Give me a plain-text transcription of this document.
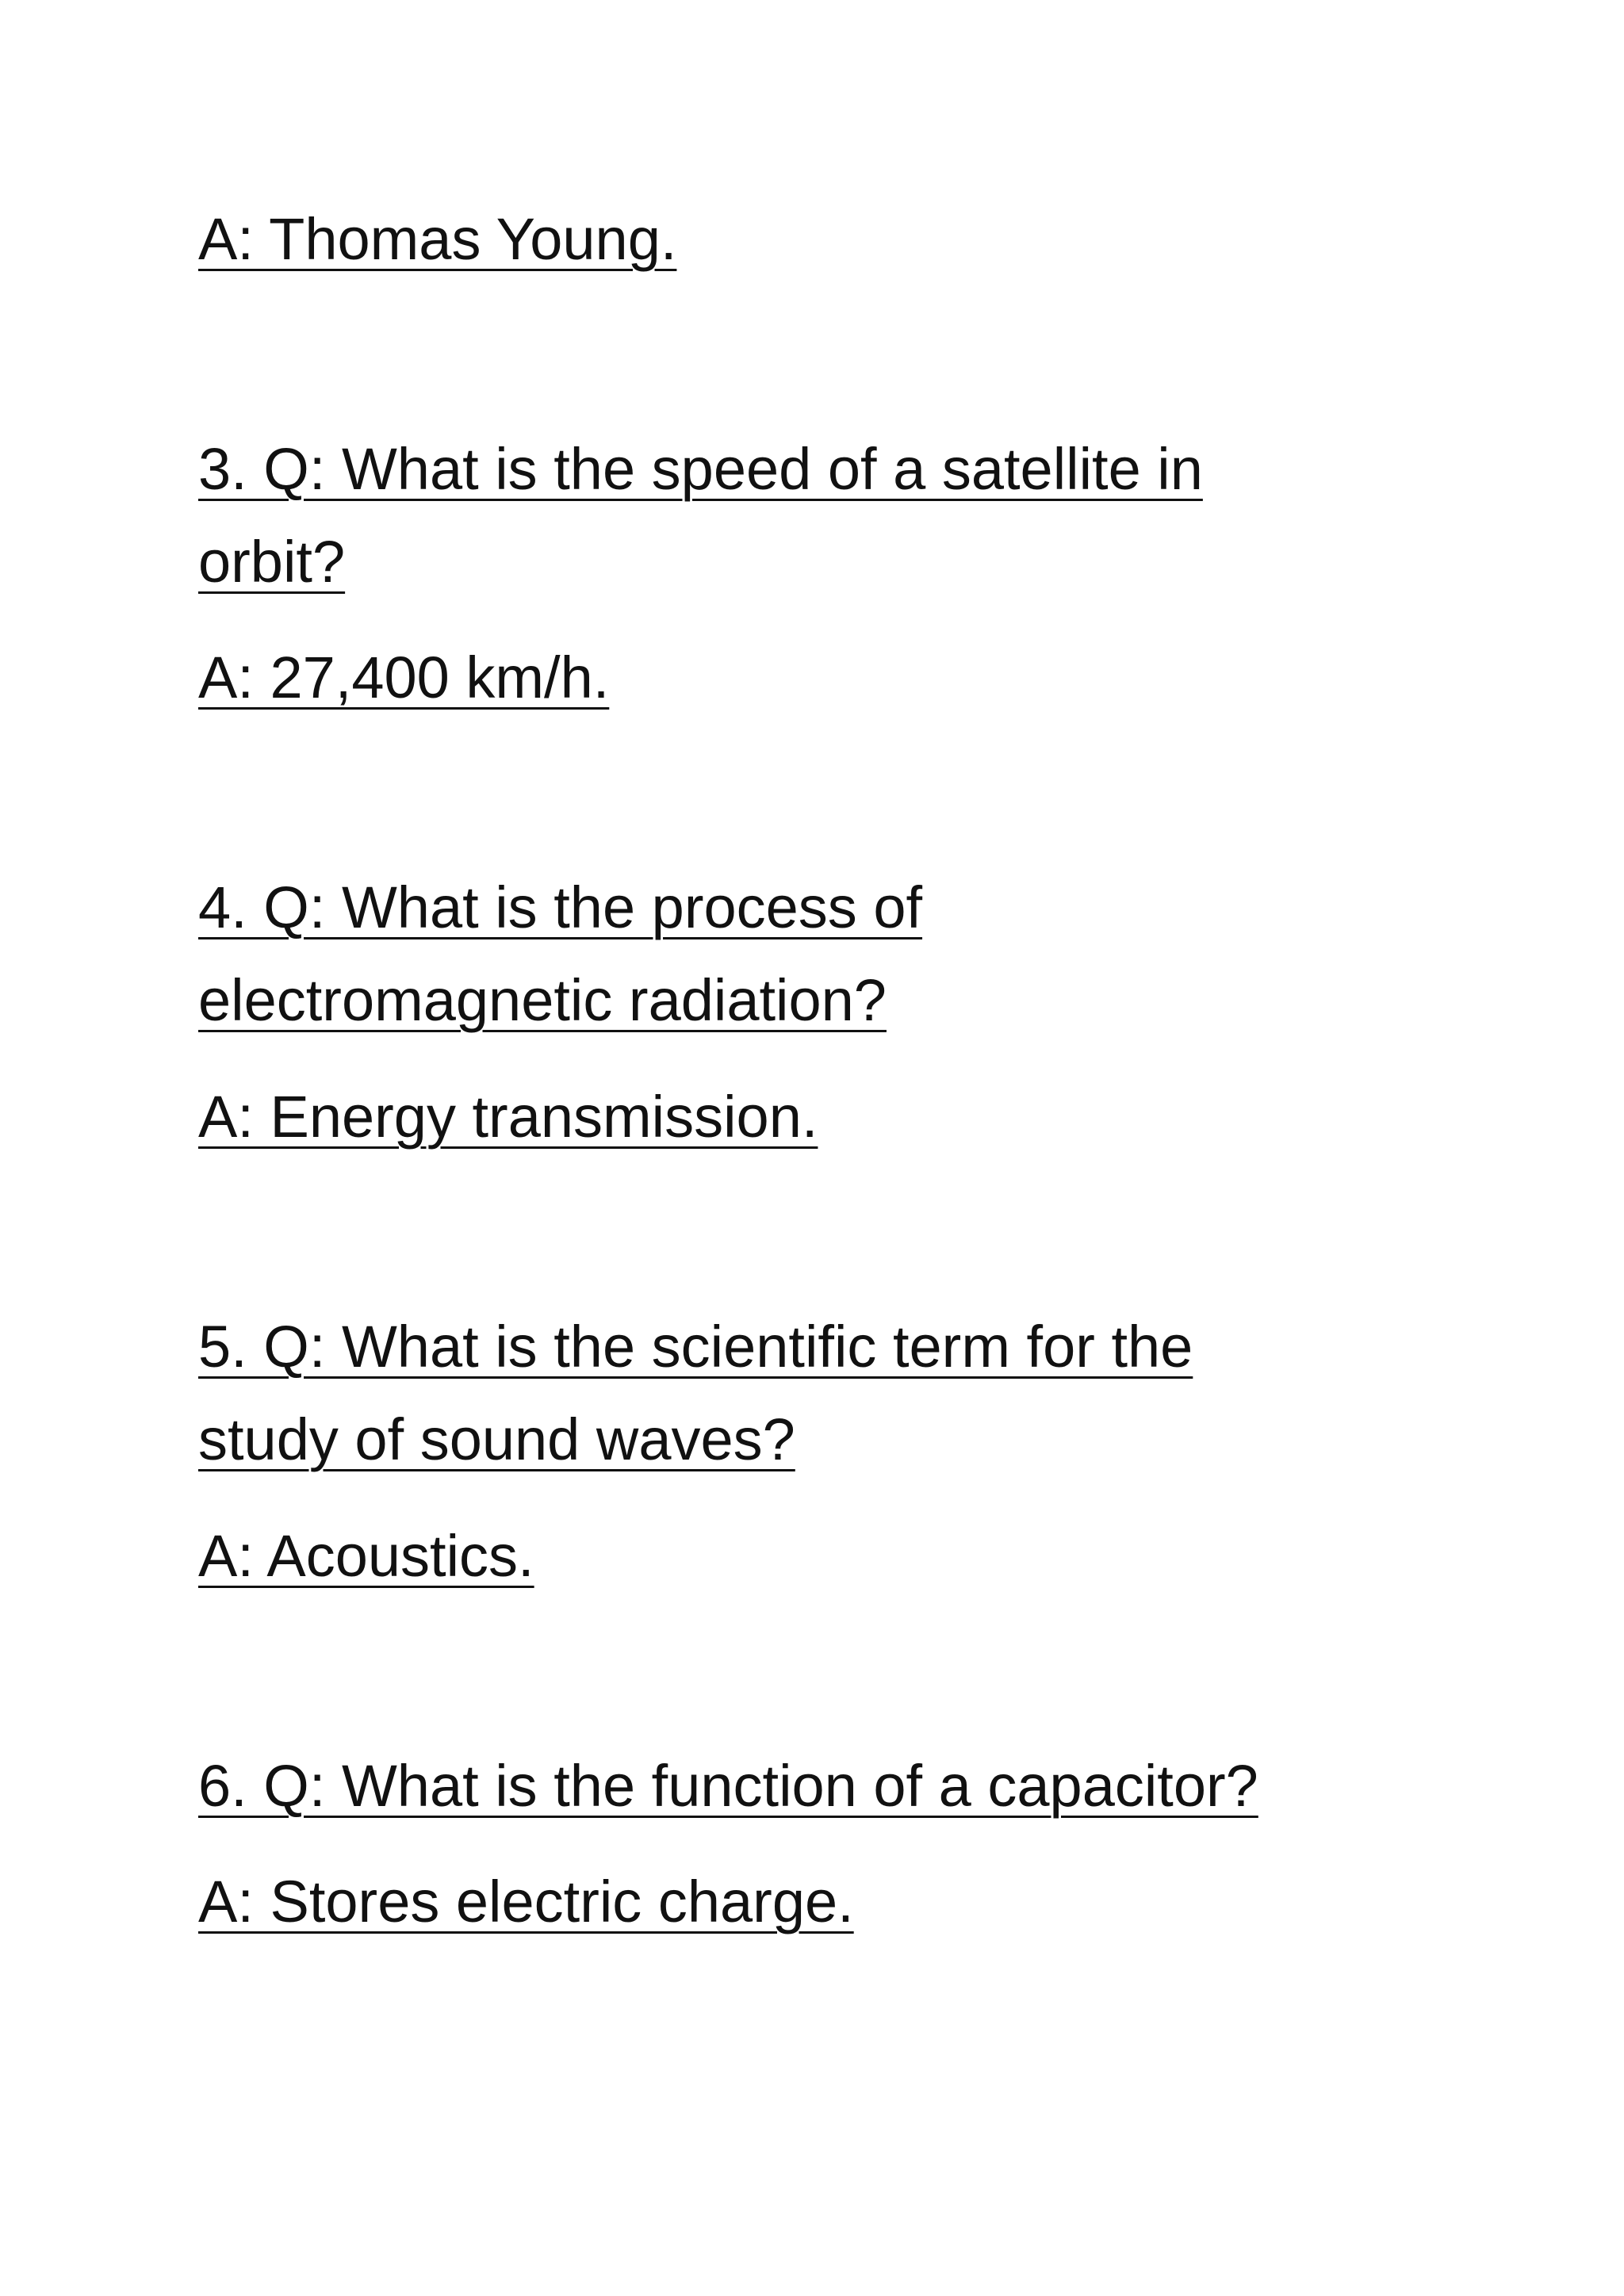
A: Thomas Young.
3. Q: What is the speed of a satellite in
orbit?
A: 27,400 km/h.
4. Q: What is the process of
electromagnetic radiation?
A: Energy transmission.
5. Q: What is the scientific term for the
study of sound waves?
A: Acoustics.
6. Q: What is the function of a capacitor?
A: Stores electric charge.
